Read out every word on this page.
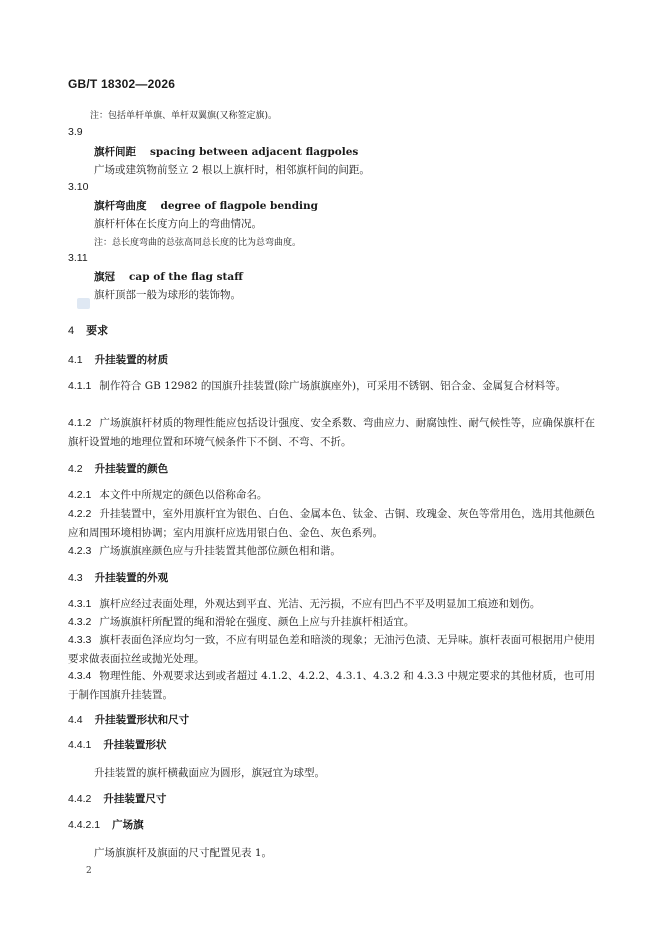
GB/T 18302—2026
注：包括单杆单旗、单杆双翼旗(又称签定旗)。
3.9
旗杆间距 spacing between adjacent flagpoles
广场或建筑物前竖立 2 根以上旗杆时，相邻旗杆间的间距。
3.10
旗杆弯曲度 degree of flagpole bending
旗杆杆体在长度方向上的弯曲情况。
注：总长度弯曲的总弦高同总长度的比为总弯曲度。
3.11
旗冠 cap of the flag staff
旗杆顶部一般为球形的装饰物。
4 要求
4.1 升挂装置的材质
4.1.1 制作符合 GB 12982 的国旗升挂装置(除广场旗旗座外)，可采用不锈钢、铝合金、金属复合材料等。
4.1.2 广场旗旗杆材质的物理性能应包括设计强度、安全系数、弯曲应力、耐腐蚀性、耐气候性等，应确保旗杆在旗杆设置地的地理位置和环境气候条件下不倒、不弯、不折。
4.2 升挂装置的颜色
4.2.1 本文件中所规定的颜色以俗称命名。
4.2.2 升挂装置中，室外用旗杆宜为银色、白色、金属本色、钛金、古铜、玫瑰金、灰色等常用色，选用其他颜色应和周围环境相协调；室内用旗杆应选用银白色、金色、灰色系列。
4.2.3 广场旗旗座颜色应与升挂装置其他部位颜色相和谐。
4.3 升挂装置的外观
4.3.1 旗杆应经过表面处理，外观达到平直、光洁、无污损，不应有凹凸不平及明显加工痕迹和划伤。
4.3.2 广场旗旗杆所配置的绳和滑轮在强度、颜色上应与升挂旗杆相适宜。
4.3.3 旗杆表面色泽应均匀一致，不应有明显色差和暗淡的现象；无油污色渍、无异味。旗杆表面可根据用户使用要求做表面拉丝或抛光处理。
4.3.4 物理性能、外观要求达到或者超过 4.1.2、4.2.2、4.3.1、4.3.2 和 4.3.3 中规定要求的其他材质，也可用于制作国旗升挂装置。
4.4 升挂装置形状和尺寸
4.4.1 升挂装置形状
升挂装置的旗杆横截面应为圆形，旗冠宜为球型。
4.4.2 升挂装置尺寸
4.4.2.1 广场旗
广场旗旗杆及旗面的尺寸配置见表 1。
2
